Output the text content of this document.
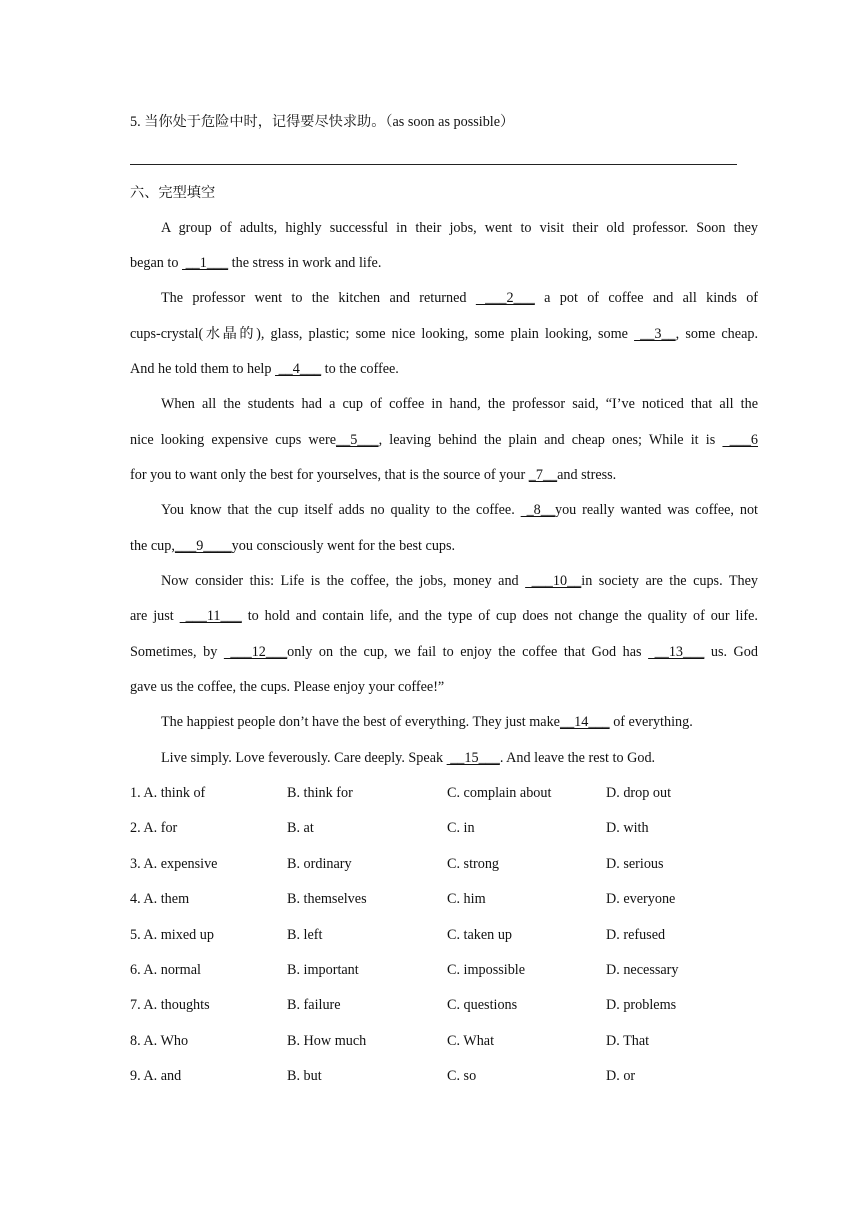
5. 当你处于危险中时，记得要尽快求助。（as soon as possible）
六、完型填空
A group of adults, highly successful in their jobs, went to visit their old professor. Soon they
began to  __1___ the stress in work and life.
The professor went to the kitchen and returned  ___2___ a pot of coffee and all kinds of
cups-crystal(水晶的), glass, plastic; some nice looking, some plain looking, some  __3__, some cheap.
And he told them to help  __4___ to the coffee.
When all the students had a cup of coffee in hand, the professor said, “I’ve noticed that all the
nice looking expensive cups were__5___, leaving behind the plain and cheap ones; While it is  ___6
for you to want only the best for yourselves, that is the source of your _7__and stress.
You know that the cup itself adds no quality to the coffee.  _8__you really wanted was coffee, not
the cup,___9____you consciously went for the best cups.
Now consider this: Life is the coffee, the jobs, money and  ___10__in society are the cups. They
are just  ___11___ to hold and contain life, and the type of cup does not change the quality of our life.
Sometimes, by  ___12___only on the cup, we fail to enjoy the coffee that God has  __13___ us. God
gave us the coffee, the cups. Please enjoy your coffee!”
The happiest people don’t have the best of everything. They just make__14___ of everything.
Live simply. Love feverously. Care deeply. Speak  __15___. And leave the rest to God.
1. A. think of	B. think for	C. complain about	D. drop out
2. A. for	B. at	C. in	D. with
3. A. expensive	B. ordinary	C. strong	D. serious
4. A. them	B. themselves	C. him	D. everyone
5. A. mixed up	B. left	C. taken up	D. refused
6. A. normal	B. important	C. impossible	D. necessary
7. A. thoughts	B. failure	C. questions	D. problems
8. A. Who	B. How much	C. What	D. That
9. A. and	B. but	C. so	D. or
